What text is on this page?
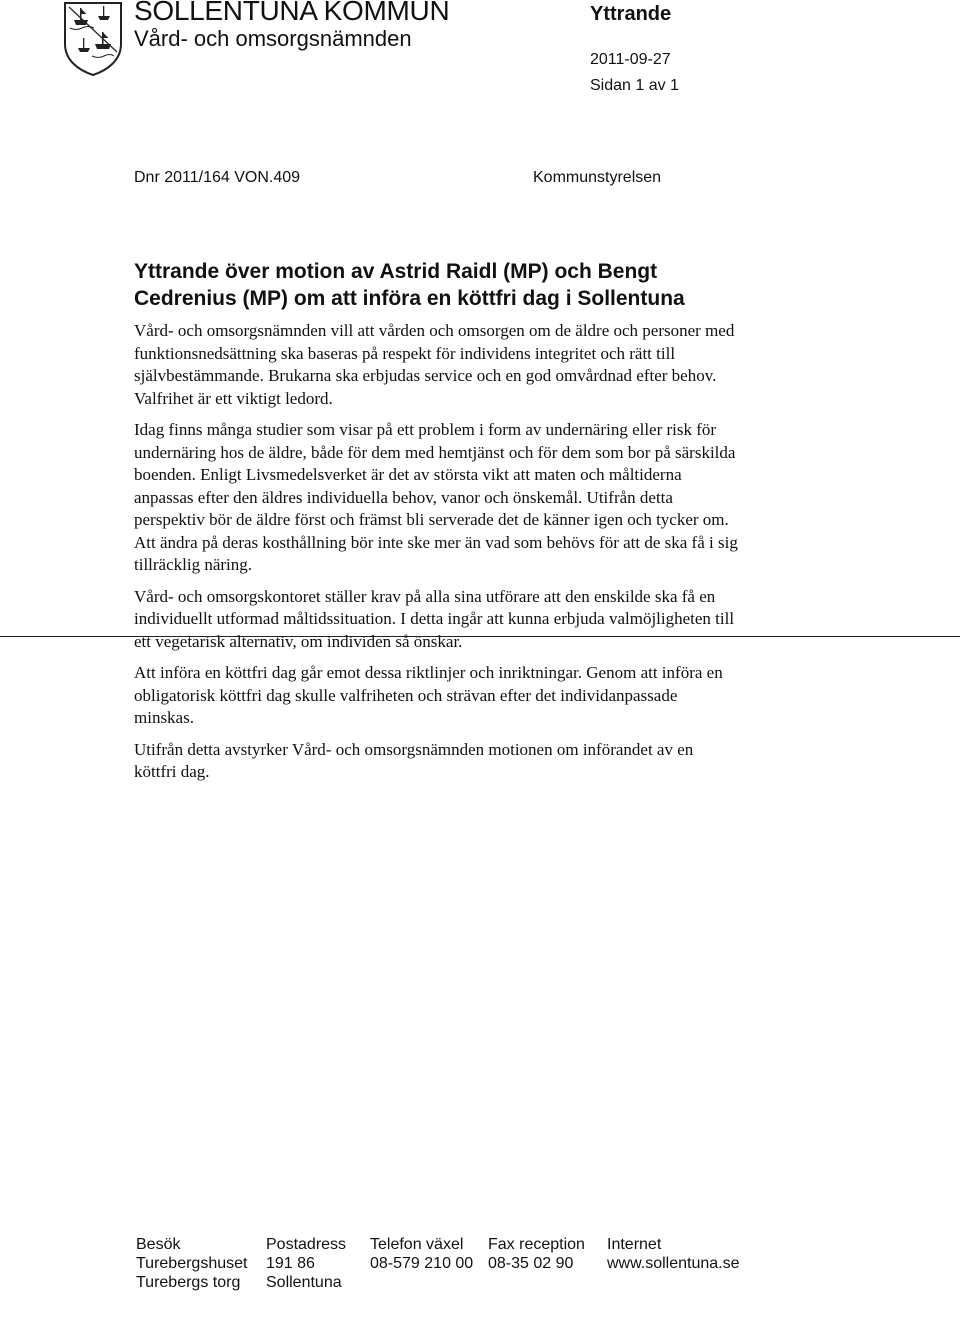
SOLLENTUNA KOMMUN
Vård- och omsorgsnämnden
Yttrande
2011-09-27
Sidan 1 av 1
Dnr 2011/164 VON.409	Kommunstyrelsen
Yttrande över motion av Astrid Raidl (MP) och Bengt Cedrenius (MP) om att införa en köttfri dag i Sollentuna

Vård- och omsorgsnämnden vill att vården och omsorgen om de äldre och personer med funktionsnedsättning ska baseras på respekt för individens integritet och rätt till självbestämmande. Brukarna ska erbjudas service och en god omvårdnad efter behov. Valfrihet är ett viktigt ledord.

Idag finns många studier som visar på ett problem i form av undernäring eller risk för undernäring hos de äldre, både för dem med hemtjänst och för dem som bor på särskilda boenden. Enligt Livsmedelsverket är det av största vikt att maten och måltiderna anpassas efter den äldres individuella behov, vanor och önskemål. Utifrån detta perspektiv bör de äldre först och främst bli serverade det de känner igen och tycker om. Att ändra på deras kosthållning bör inte ske mer än vad som behövs för att de ska få i sig tillräcklig näring.

Vård- och omsorgskontoret ställer krav på alla sina utförare att den enskilde ska få en individuellt utformad måltidssituation. I detta ingår att kunna erbjuda valmöjligheten till ett vegetarisk alternativ, om individen så önskar.

Att införa en köttfri dag går emot dessa riktlinjer och inriktningar. Genom att införa en obligatorisk köttfri dag skulle valfriheten och strävan efter det individanpassade minskas.

Utifrån detta avstyrker Vård- och omsorgsnämnden motionen om införandet av en köttfri dag.

Besök
Turebergshuset
Turebergs torg
Postadress
191 86
Sollentuna
Telefon växel
08-579 210 00
Fax reception
08-35 02 90
Internet
www.sollentuna.se
